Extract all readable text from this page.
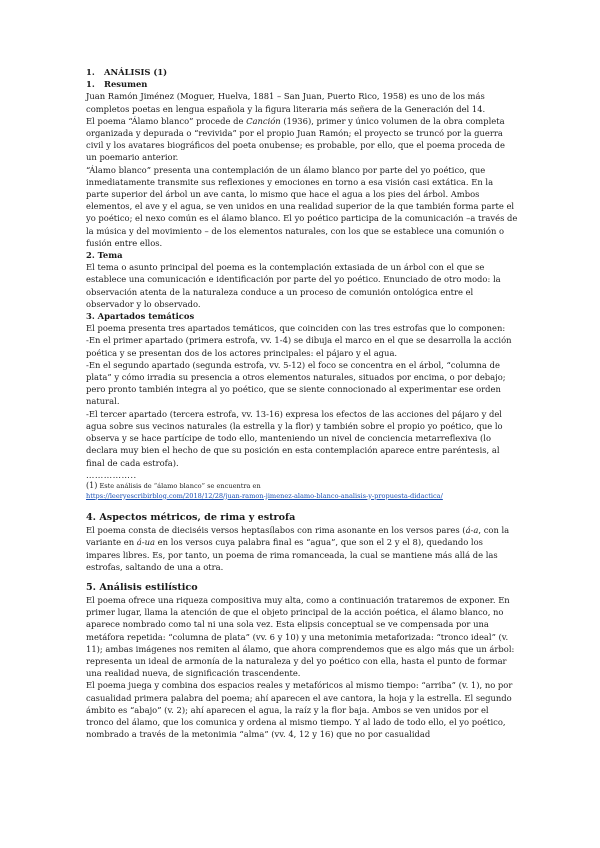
1. ANÁLISIS (1)

1. Resumen

Juan Ramón Jiménez (Moguer, Huelva, 1881 – San Juan, Puerto Rico, 1958) es uno de los más completos poetas en lengua española y la figura literaria más señera de la Generación del 14.

El poema “Álamo blanco” procede de Canción (1936), primer y único volumen de la obra completa organizada y depurada o “revivida” por el propio Juan Ramón; el proyecto se truncó por la guerra civil y los avatares biográficos del poeta onubense; es probable, por ello, que el poema proceda de un poemario anterior.

“Álamo blanco” presenta una contemplación de un álamo blanco por parte del yo poético, que inmediatamente transmite sus reflexiones y emociones en torno a esa visión casi extática. En la parte superior del árbol un ave canta, lo mismo que hace el agua a los pies del árbol. Ambos elementos, el ave y el agua, se ven unidos en una realidad superior de la que también forma parte el yo poético; el nexo común es el álamo blanco. El yo poético participa de la comunicación –a través de la música y del movimiento – de los elementos naturales, con los que se establece una comunión o fusión entre ellos.

2. Tema

El tema o asunto principal del poema es la contemplación extasiada de un árbol con el que se establece una comunicación e identificación por parte del yo poético. Enunciado de otro modo: la observación atenta de la naturaleza conduce a un proceso de comunión ontológica entre el observador y lo observado.

3. Apartados temáticos

El poema presenta tres apartados temáticos, que coinciden con las tres estrofas que lo componen:

-En el primer apartado (primera estrofa, vv. 1-4) se dibuja el marco en el que se desarrolla la acción poética y se presentan dos de los actores principales: el pájaro y el agua.

-En el segundo apartado (segunda estrofa, vv. 5-12) el foco se concentra en el árbol, “columna de plata” y cómo irradia su presencia a otros elementos naturales, situados por encima, o por debajo; pero pronto también integra al yo poético, que se siente connocionado al experimentar ese orden natural.

-El tercer apartado (tercera estrofa, vv. 13-16) expresa los efectos de las acciones del pájaro y del agua sobre sus vecinos naturales (la estrella y la flor) y también sobre el propio yo poético, que lo observa y se hace partícipe de todo ello, manteniendo un nivel de conciencia metarreflexiva (lo declara muy bien el hecho de que su posición en esta contemplación aparece entre paréntesis, al final de cada estrofa).

……………..

(1) Este análisis de “álamo blanco” se encuentra en
https://leeryescribirblog.com/2018/12/28/juan-ramon-jimenez-alamo-blanco-analisis-y-propuesta-didactica/

4. Aspectos métricos, de rima y estrofa

El poema consta de dieciséis versos heptasílabos con rima asonante en los versos pares (á-a, con la variante en á-ua en los versos cuya palabra final es “agua”, que son el 2 y el 8), quedando los impares libres. Es, por tanto, un poema de rima romanceada, la cual se mantiene más allá de las estrofas, saltando de una a otra.

5. Análisis estilístico

El poema ofrece una riqueza compositiva muy alta, como a continuación trataremos de exponer. En primer lugar, llama la atención de que el objeto principal de la acción poética, el álamo blanco, no aparece nombrado como tal ni una sola vez. Esta elipsis conceptual se ve compensada por una metáfora repetida: “columna de plata” (vv. 6 y 10) y una metonimia metaforizada: “tronco ideal” (v. 11); ambas imágenes nos remiten al álamo, que ahora comprendemos que es algo más que un árbol: representa un ideal de armonía de la naturaleza y del yo poético con ella, hasta el punto de formar una realidad nueva, de significación trascendente.

El poema juega y combina dos espacios reales y metafóricos al mismo tiempo: “arriba” (v. 1), no por casualidad primera palabra del poema; ahí aparecen el ave cantora, la hoja y la estrella. El segundo ámbito es “abajo” (v. 2); ahí aparecen el agua, la raíz y la flor baja. Ambos se ven unidos por el tronco del álamo, que los comunica y ordena al mismo tiempo. Y al lado de todo ello, el yo poético, nombrado a través de la metonimia “alma” (vv. 4, 12 y 16) que no por casualidad
